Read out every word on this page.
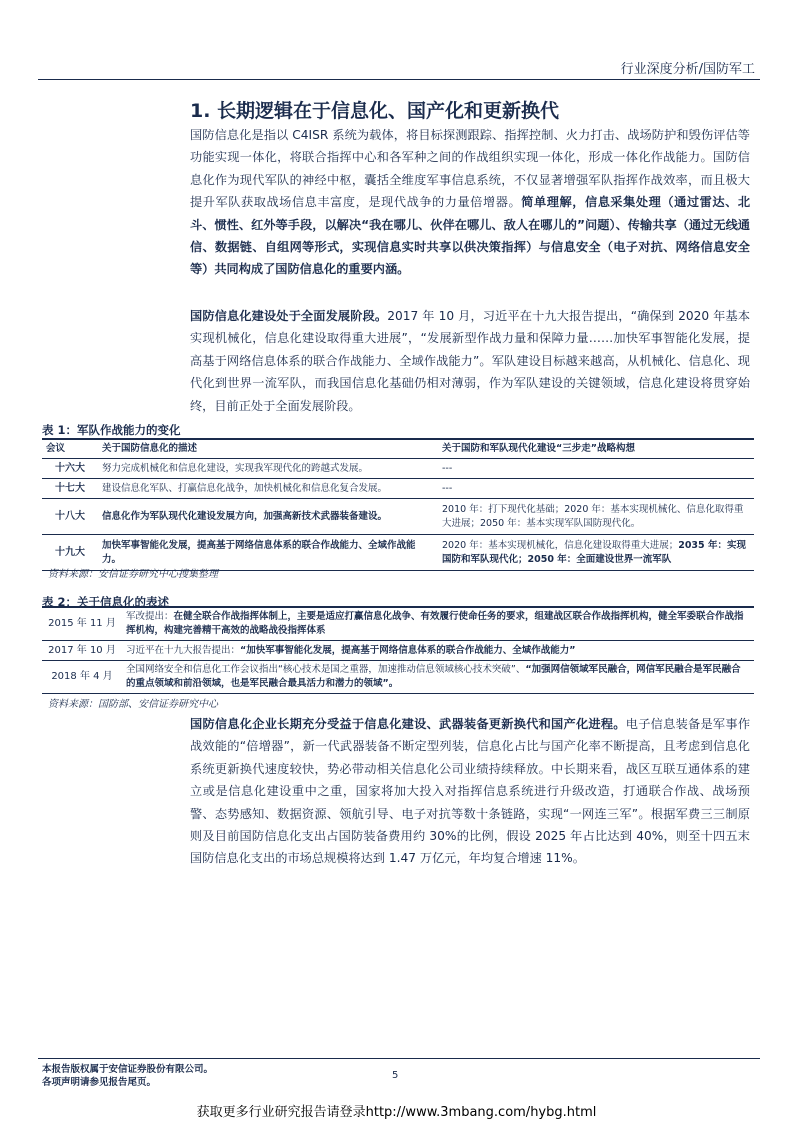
行业深度分析/国防军工
1. 长期逻辑在于信息化、国产化和更新换代

国防信息化是指以 C4ISR 系统为载体，将目标探测跟踪、指挥控制、火力打击、战场防护和毁伤评估等功能实现一体化，将联合指挥中心和各军种之间的作战组织实现一体化，形成一体化作战能力。国防信息化作为现代军队的神经中枢，囊括全维度军事信息系统，不仅显著增强军队指挥作战效率，而且极大提升军队获取战场信息丰富度，是现代战争的力量倍增器。简单理解，信息采集处理（通过雷达、北斗、惯性、红外等手段，以解决“我在哪儿、伙伴在哪儿、敌人在哪儿的”问题）、传输共享（通过无线通信、数据链、自组网等形式，实现信息实时共享以供决策指挥）与信息安全（电子对抗、网络信息安全等）共同构成了国防信息化的重要内涵。

国防信息化建设处于全面发展阶段。2017 年 10 月，习近平在十九大报告提出，“确保到 2020 年基本实现机械化，信息化建设取得重大进展”，“发展新型作战力量和保障力量……加快军事智能化发展，提高基于网络信息体系的联合作战能力、全域作战能力”。军队建设目标越来越高，从机械化、信息化、现代化到世界一流军队，而我国信息化基础仍相对薄弱，作为军队建设的关键领域，信息化建设将贯穿始终，目前正处于全面发展阶段。

表 1：军队作战能力的变化
会议	关于国防信息化的描述	关于国防和军队现代化建设“三步走”战略构想
十六大	努力完成机械化和信息化建设，实现我军现代化的跨越式发展。	---
十七大	建设信息化军队、打赢信息化战争，加快机械化和信息化复合发展。	---
十八大	信息化作为军队现代化建设发展方向，加强高新技术武器装备建设。	2010 年：打下现代化基础；2020 年：基本实现机械化、信息化取得重大进展；2050 年：基本实现军队国防现代化。
十九大	加快军事智能化发展，提高基于网络信息体系的联合作战能力、全域作战能力。	2020 年：基本实现机械化，信息化建设取得重大进展；2035 年：实现国防和军队现代化；2050 年：全面建设世界一流军队
资料来源：安信证券研究中心搜集整理
表 2：关于信息化的表述
2015 年 11 月	军改提出：在健全联合作战指挥体制上，主要是适应打赢信息化战争、有效履行使命任务的要求，组建战区联合作战指挥机构，健全军委联合作战指挥机构，构建完善精干高效的战略战役指挥体系
2017 年 10 月	习近平在十九大报告提出：“加快军事智能化发展，提高基于网络信息体系的联合作战能力、全域作战能力”
2018 年 4 月	全国网络安全和信息化工作会议指出“核心技术是国之重器，加速推动信息领域核心技术突破”、“加强网信领域军民融合，网信军民融合是军民融合的重点领域和前沿领域，也是军民融合最具活力和潜力的领域”。
资料来源：国防部、安信证券研究中心

国防信息化企业长期充分受益于信息化建设、武器装备更新换代和国产化进程。电子信息装备是军事作战效能的“倍增器”，新一代武器装备不断定型列装，信息化占比与国产化率不断提高，且考虑到信息化系统更新换代速度较快，势必带动相关信息化公司业绩持续释放。中长期来看，战区互联互通体系的建立或是信息化建设重中之重，国家将加大投入对指挥信息系统进行升级改造，打通联合作战、战场预警、态势感知、数据资源、领航引导、电子对抗等数十条链路，实现“一网连三军”。根据军费三三制原则及目前国防信息化支出占国防装备费用约 30%的比例，假设 2025 年占比达到 40%，则至十四五末国防信息化支出的市场总规模将达到 1.47 万亿元，年均复合增速 11%。

本报告版权属于安信证券股份有限公司。
各项声明请参见报告尾页。
5
获取更多行业研究报告请登录http://www.3mbang.com/hybg.html
